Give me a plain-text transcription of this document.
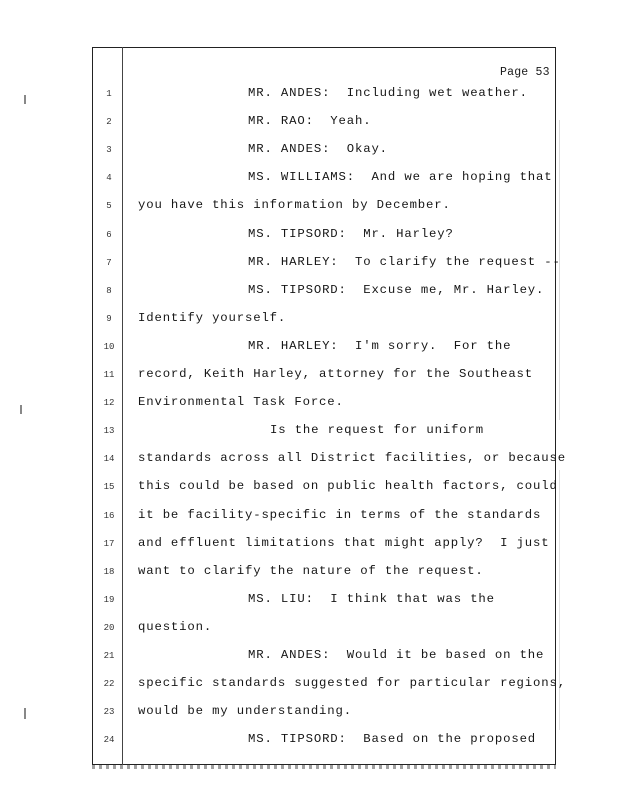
Page 53
1	MR. ANDES:  Including wet weather.
2	MR. RAO:  Yeah.
3	MR. ANDES:  Okay.
4	MS. WILLIAMS:  And we are hoping that
5	you have this information by December.
6	MS. TIPSORD:  Mr. Harley?
7	MR. HARLEY:  To clarify the request --
8	MS. TIPSORD:  Excuse me, Mr. Harley.
9	Identify yourself.
10	MR. HARLEY:  I'm sorry.  For the
11 record, Keith Harley, attorney for the Southeast
12 Environmental Task Force.
13	Is the request for uniform
14 standards across all District facilities, or because
15 this could be based on public health factors, could
16 it be facility-specific in terms of the standards
17 and effluent limitations that might apply?  I just
18 want to clarify the nature of the request.
19	MS. LIU:  I think that was the
20 question.
21	MR. ANDES:  Would it be based on the
22 specific standards suggested for particular regions,
23 would be my understanding.
24	MS. TIPSORD:  Based on the proposed
